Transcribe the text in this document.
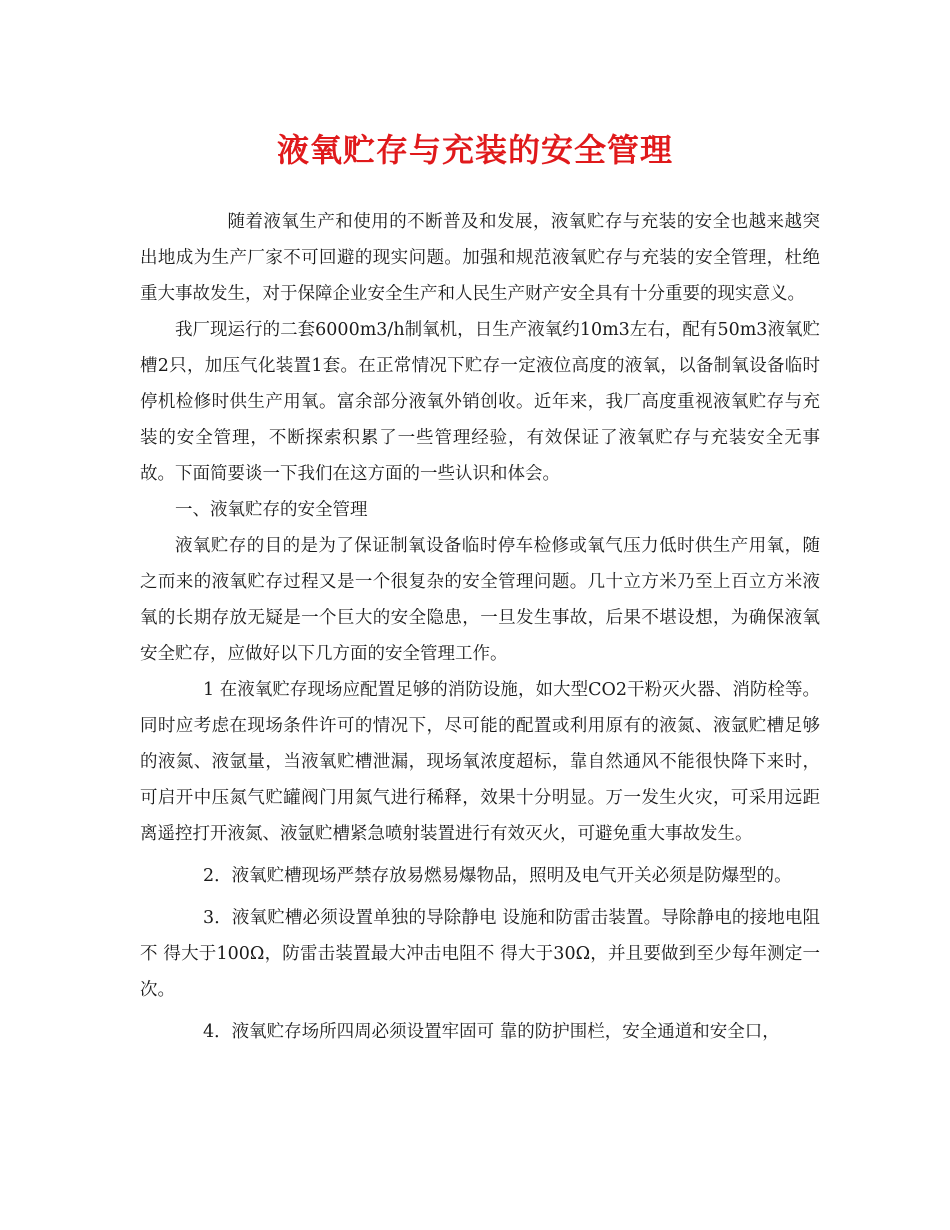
液氧贮存与充装的安全管理

随着液氧生产和使用的不断普及和发展，液氧贮存与充装的安全也越来越突出地成为生产厂家不可回避的现实问题。加强和规范液氧贮存与充装的安全管理，杜绝重大事故发生，对于保障企业安全生产和人民生产财产安全具有十分重要的现实意义。

我厂现运行的二套6000m3/h制氧机，日生产液氧约10m3左右，配有50m3液氧贮槽2只，加压气化装置1套。在正常情况下贮存一定液位高度的液氧，以备制氧设备临时停机检修时供生产用氧。富余部分液氧外销创收。近年来，我厂高度重视液氧贮存与充装的安全管理，不断探索积累了一些管理经验，有效保证了液氧贮存与充装安全无事故。下面简要谈一下我们在这方面的一些认识和体会。

一、液氧贮存的安全管理

液氧贮存的目的是为了保证制氧设备临时停车检修或氧气压力低时供生产用氧，随之而来的液氧贮存过程又是一个很复杂的安全管理问题。几十立方米乃至上百立方米液氧的长期存放无疑是一个巨大的安全隐患，一旦发生事故，后果不堪设想，为确保液氧安全贮存，应做好以下几方面的安全管理工作。

1 在液氧贮存现场应配置足够的消防设施，如大型CO2干粉灭火器、消防栓等。同时应考虑在现场条件许可的情况下，尽可能的配置或利用原有的液氮、液氩贮槽足够的液氮、液氩量，当液氧贮槽泄漏，现场氧浓度超标，靠自然通风不能很快降下来时，可启开中压氮气贮罐阀门用氮气进行稀释，效果十分明显。万一发生火灾，可采用远距离遥控打开液氮、液氩贮槽紧急喷射装置进行有效灭火，可避免重大事故发生。

2．液氧贮槽现场严禁存放易燃易爆物品，照明及电气开关必须是防爆型的。

3．液氧贮槽必须设置单独的导除静电 设施和防雷击装置。导除静电的接地电阻不 得大于100Ω，防雷击装置最大冲击电阻不 得大于30Ω，并且要做到至少每年测定一 次。

4．液氧贮存场所四周必须设置牢固可 靠的防护围栏，安全通道和安全口，
